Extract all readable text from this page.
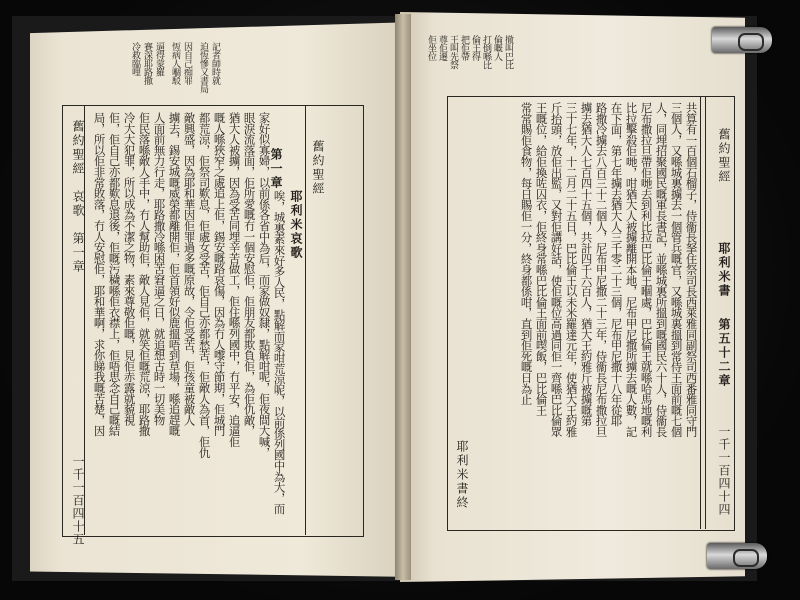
記者師時就
迫恆慘又書局
因自己痴罪
恆病人嗰駁
逼得蒙羅
賽深耶路撒
冷救臨哩	撤叫巴比
倫嘅人
打倒喺比
倫王得
把佢帶
王叫先祭
尊佢遷
佢坐位
舊約聖經
耶利米哀歌
第一章
唉，城裏素來好多人民，點解而家咁荒涼呢，以前係列國中為大，而
家好似寡婦，以前係各省中為后，而家做奴隸，點解咁呢，佢夜間大喊，
眼淚流落面，佢所愛嘅冇一個安慰佢，佢朋友都欺負佢，為佢仇敵，
猶大人被擄，因為受苦同埋辛苦做工，佢住喺列國中，冇平安，追逼佢
嘅人喺狹窄之處追上佢，錫安嘅路哀傷，因為冇人嚟守節期，佢城門
都荒涼，佢祭司歎息，佢處女受苦，佢自己亦都愁苦，佢敵人為首，佢仇
敵興盛，因為耶和華因佢罪過多嘅原故，令佢受苦，佢孩童被敵人
擄去，錫安城嘅威榮都離開佢，佢首領好似鹿搵唔到草場，喺追趕嘅
人面前無力行走，耶路撒冷喺困苦窘逼之日，就追想古時一切美物
佢民落喺敵人手中，冇人幫助佢，敵人見佢，就笑佢嘅荒涼，耶路撒
冷大大犯罪，所以成為不潔之物，素來尊敬佢嘅，見佢赤露就藐視
佢，佢自己亦都歎息退後，佢嘅污穢喺佢衣襟上，佢唔思念自己嘅結
局，所以佢非常敗落，冇人安慰佢，耶和華啊，求你睇我嘅苦楚，因
舊約聖經　哀歌　第一章
一千一百四十五
舊約聖經
耶利米書
第五十二章
共算有一百個石榴子，侍衞長拏住祭司長西萊雅同副祭司西番雅同守門
三個人，又喺城裏擄去一個管兵嘅官，又喺城裏搵到常侍王面前嘅七個
人，同埋招聚國民嘅軍長書記，並喺城裏所搵到嘅國民六十人，侍衞長
尼布撒拉旦帶佢哋去到利比拉巴比倫王嗰處，巴比倫王就喺哈馬地嘅利
比拉擊殺佢哋，咁猶大人被擄離開本地，尼布甲尼撒所擄去嘅人數，記
在下面，第七年擄去猶大人三千零二十三個，尼布甲尼撒十八年從耶
路撒冷擄去八百三十二個人，尼布甲尼撒二十三年，侍衞長尼布撒拉旦
擄去猶大人七百四十五個，共計四千六百人，猶大王約雅斤被擄嘅第
三十七年，十二月二十五日，巴比倫王以未米羅達元年，使猶大王約雅
斤抬頭，放佢出監，又對佢講好話，使佢嘅位高過同佢一齊喺巴比倫眾
王嘅位，給佢換咗囚衣，佢終身常喺巴比倫王面前喫飯，巴比倫王
常常賜佢食物，每日賜佢一分，終身都係咁，直到佢死嘅日為止
耶利米書終	一千一百四十四
